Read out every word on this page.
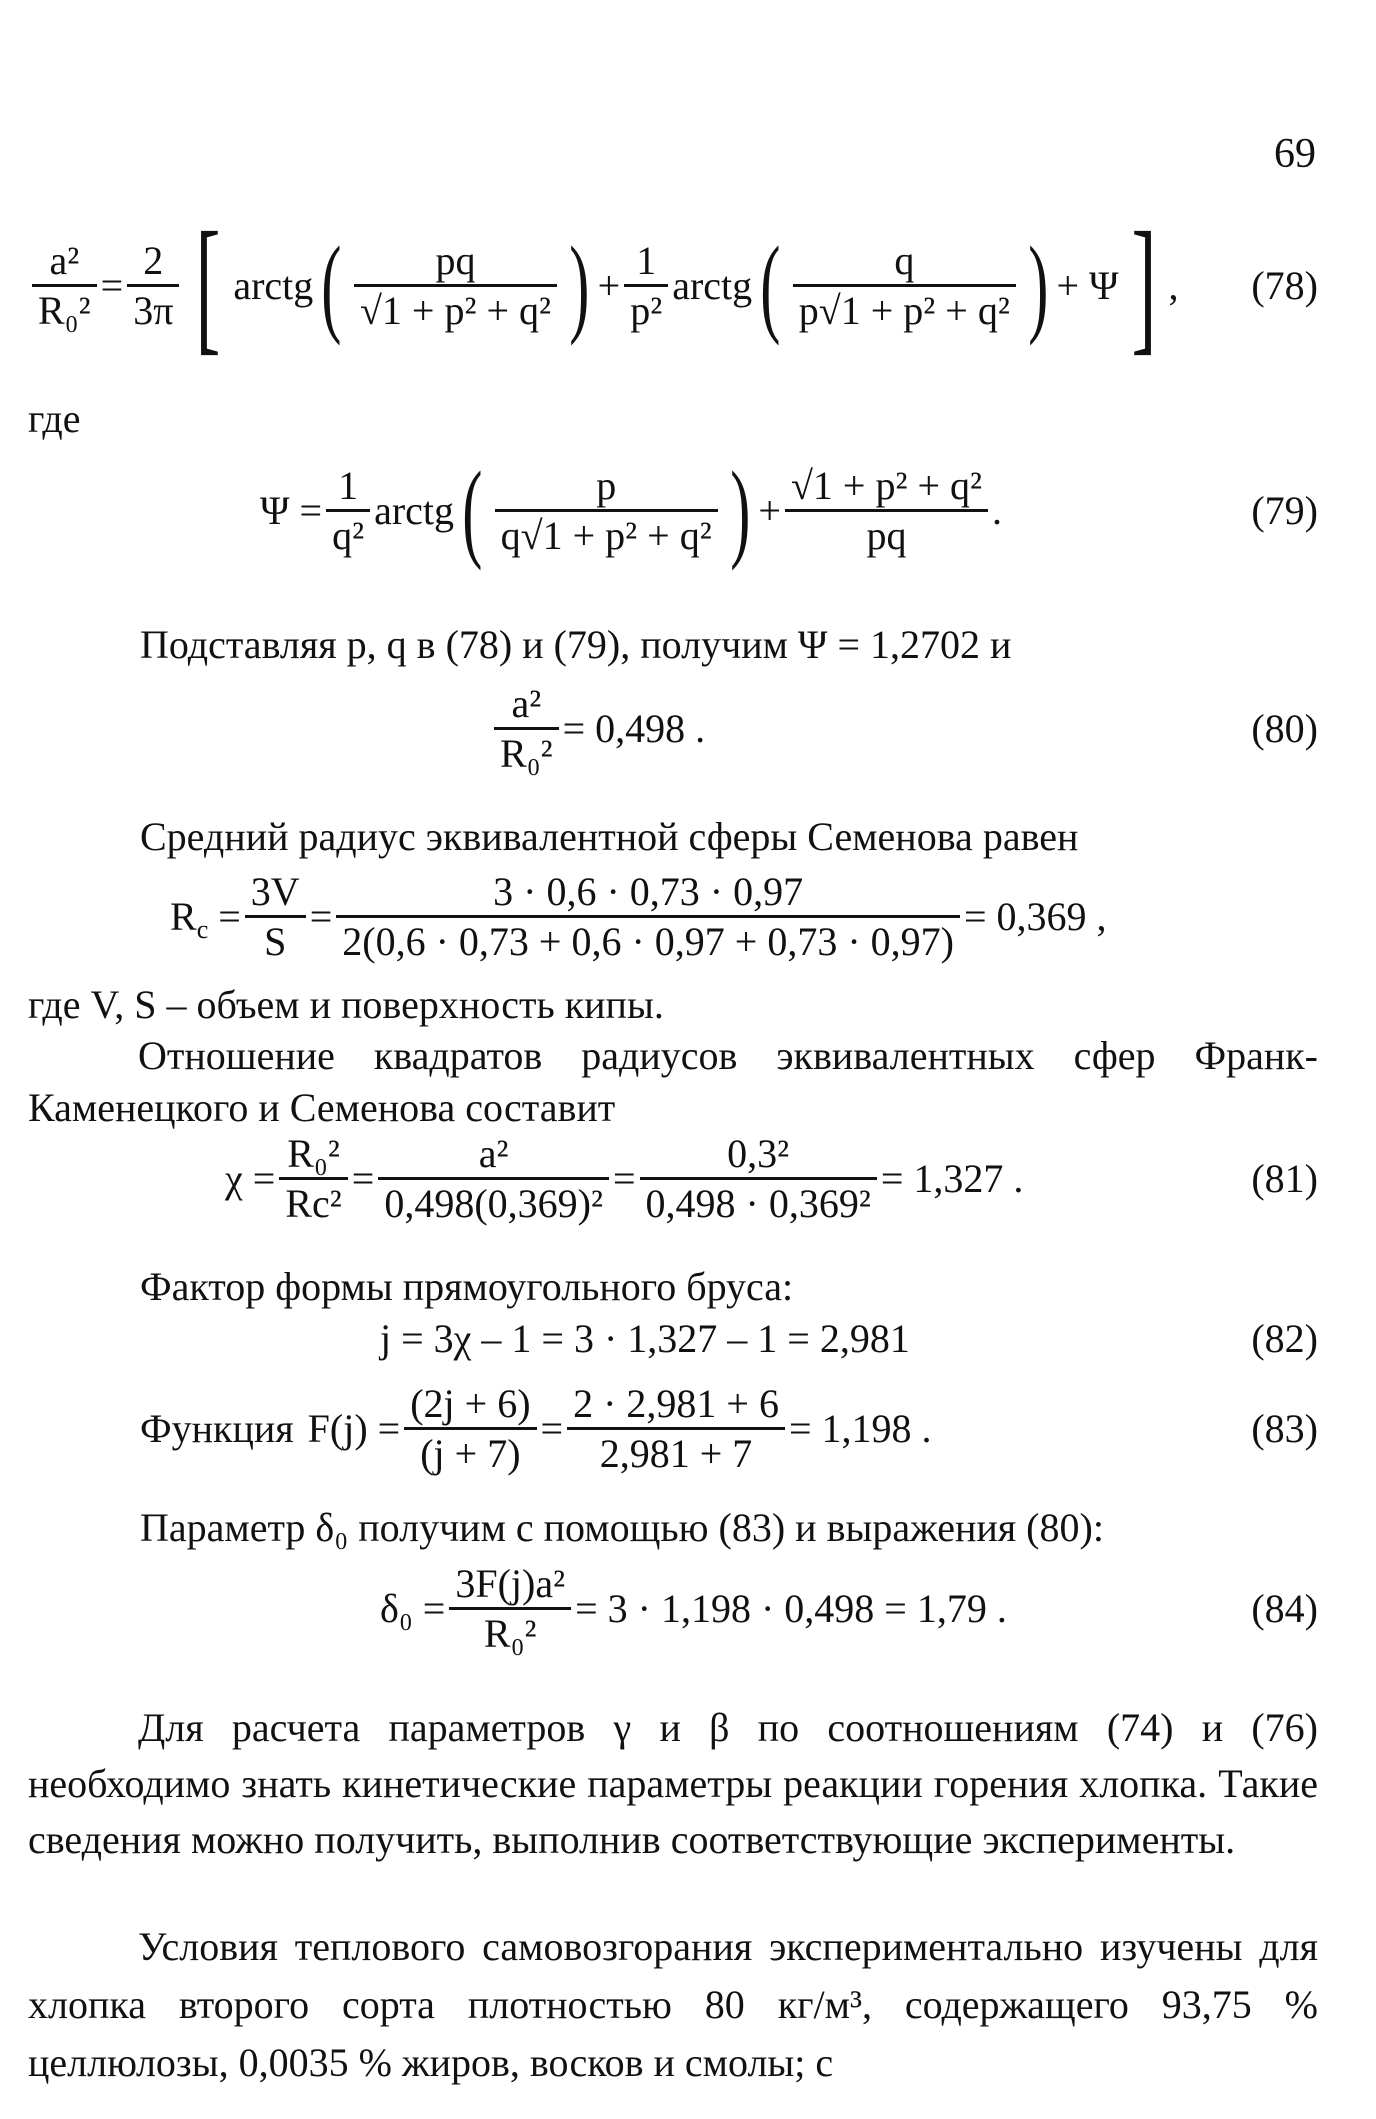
69
$\frac{\text{a²}}{\text{R₀²}} = \frac{2}{3\pi}$ [ arctg ( $\frac{pq}{\text{√1 + p² + q²}}$ ) + $\frac{1}{\text{p²}}$ arctg ( $\frac{q}{\text{p√1 + p² + q²}}$ ) + Ψ ] , (78)
где
$\Psi = \frac{1}{\text{q²}}$ arctg ( $\frac{p}{\text{q√1 + p² + q²}}$ ) + $\frac{\text{√1 + p² + q²}}{pq}$ .	(79)
Подставляя p, q в (78) и (79), получим Ψ = 1,2702 и
$\frac{\text{a²}}{\text{R₀²}} = 0,498$ .	(80)
Средний радиус эквивалентной сферы Семенова равен
$R_c = \frac{3V}{S} = \frac{3 \cdot 0,6 \cdot 0,73 \cdot 0,97}{2(0,6 \cdot 0,73 + 0,6 \cdot 0,97 + 0,73 \cdot 0,97)} = 0,369$ ,
где V, S – объем и поверхность кипы.
Отношение квадратов радиусов эквивалентных сфер Франк-Каменецкого и Семенова составит
$\chi = \frac{\text{R₀²}}{\text{Rc²}} = \frac{\text{a²}}{\text{0,498(0,369)²}} = \frac{\text{0,3²}}{\text{0,498 · 0,369²}} = 1,327$ .	(81)
Фактор формы прямоугольного бруса:
j = 3χ – 1 = 3 · 1,327 – 1 = 2,981	(82)
Функция $F(j) = \frac{(2j + 6)}{(j + 7)} = \frac{2 \cdot 2,981 + 6}{2,981 + 7} = 1,198$ .	(83)
Параметр δ₀ получим с помощью (83) и выражения (80):
$\delta_0 = \frac{\text{3F(j)a²}}{\text{R₀²}} = 3 \cdot 1,198 \cdot 0,498 = 1,79$ .	(84)
Для расчета параметров γ и β по соотношениям (74) и (76) необходимо знать кинетические параметры реакции горения хлопка. Такие сведения можно получить, выполнив соответствующие эксперименты.
Условия теплового самовозгорания экспериментально изучены для хлопка второго сорта плотностью 80 кг/м³, содержащего 93,75 % целлюлозы, 0,0035 % жиров, восков и смолы; с
